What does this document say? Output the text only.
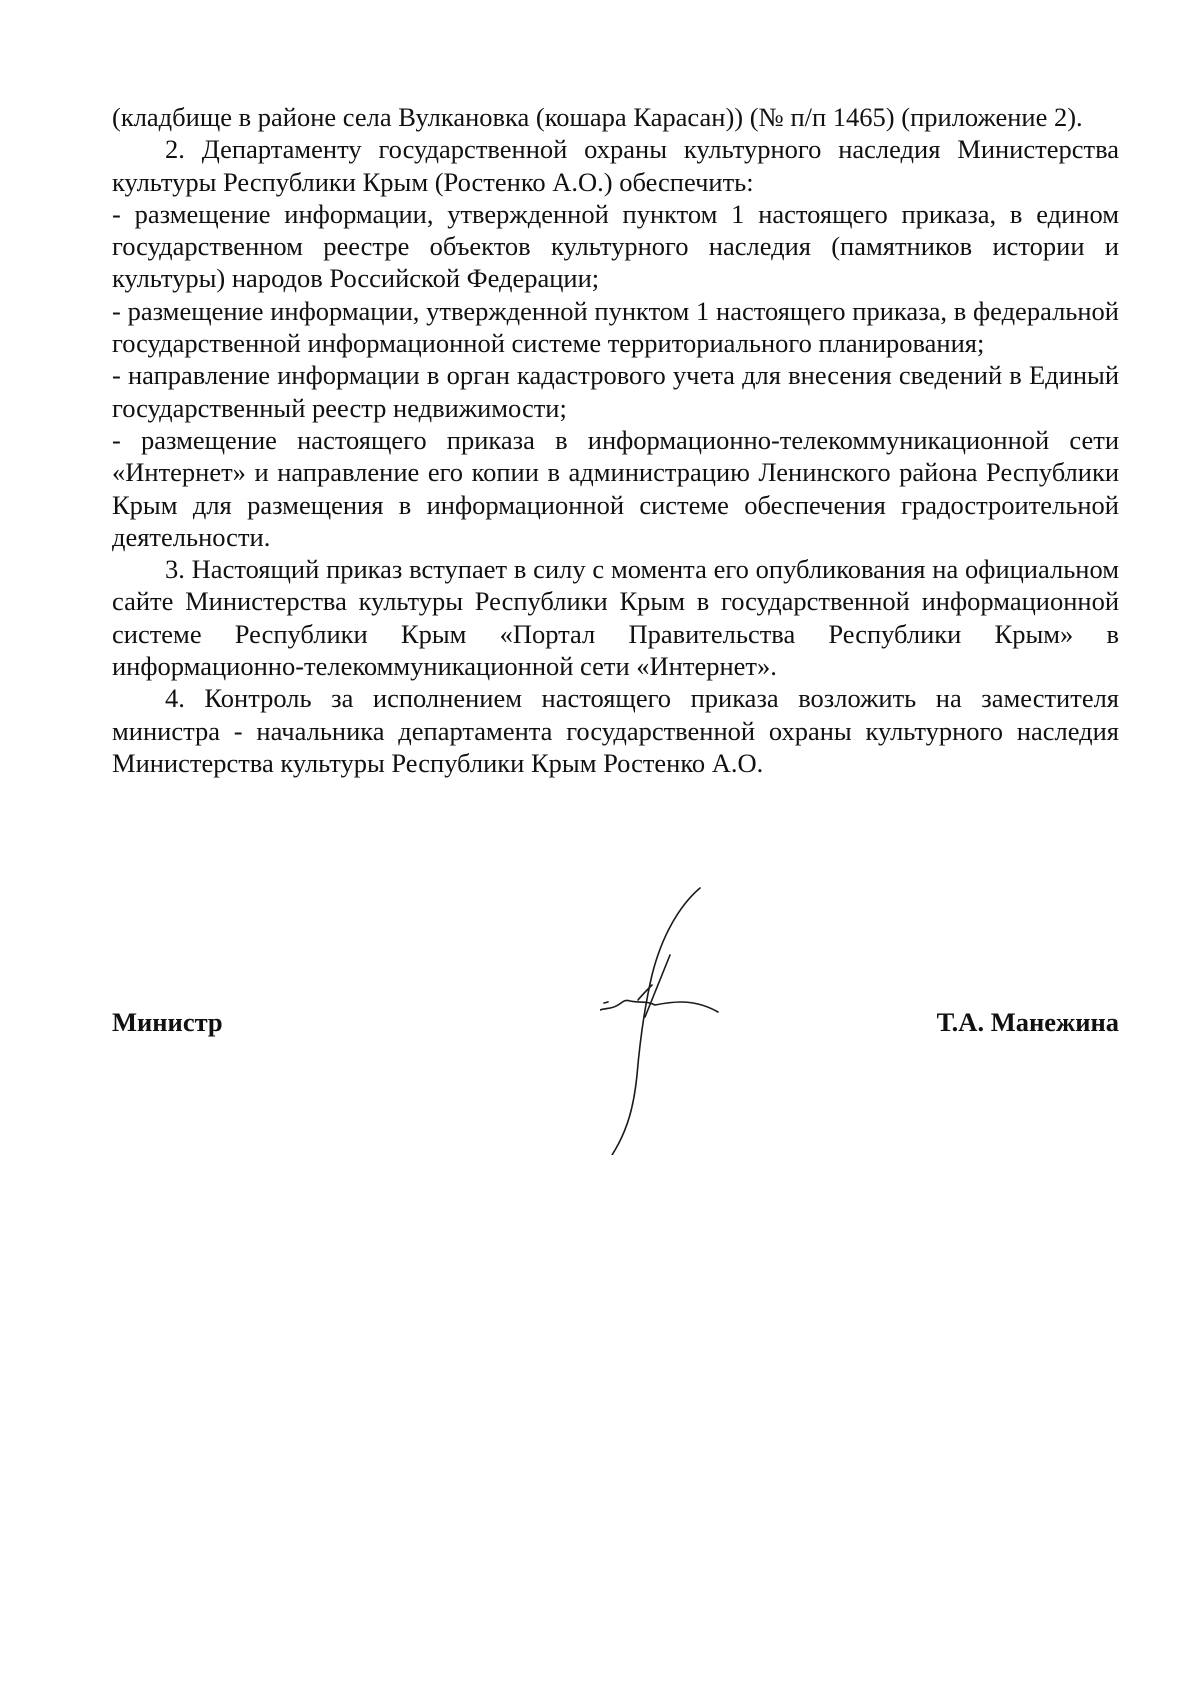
(кладбище в районе села Вулкановка (кошара Карасан)) (№ п/п 1465) (приложение 2).

2. Департаменту государственной охраны культурного наследия Министерства культуры Республики Крым (Ростенко А.О.) обеспечить:

- размещение информации, утвержденной пунктом 1 настоящего приказа, в едином государственном реестре объектов культурного наследия (памятников истории и культуры) народов Российской Федерации;

- размещение информации, утвержденной пунктом 1 настоящего приказа, в федеральной государственной информационной системе территориального планирования;

- направление информации в орган кадастрового учета для внесения сведений в Единый государственный реестр недвижимости;

- размещение настоящего приказа в информационно-телекоммуникационной сети «Интернет» и направление его копии в администрацию Ленинского района Республики Крым для размещения в информационной системе обеспечения градостроительной деятельности.

3. Настоящий приказ вступает в силу с момента его опубликования на официальном сайте Министерства культуры Республики Крым в государственной информационной системе Республики Крым «Портал Правительства Республики Крым» в информационно-телекоммуникационной сети «Интернет».

4. Контроль за исполнением настоящего приказа возложить на заместителя министра - начальника департамента государственной охраны культурного наследия Министерства культуры Республики Крым Ростенко А.О.

Министр	Т.А. Манежина
